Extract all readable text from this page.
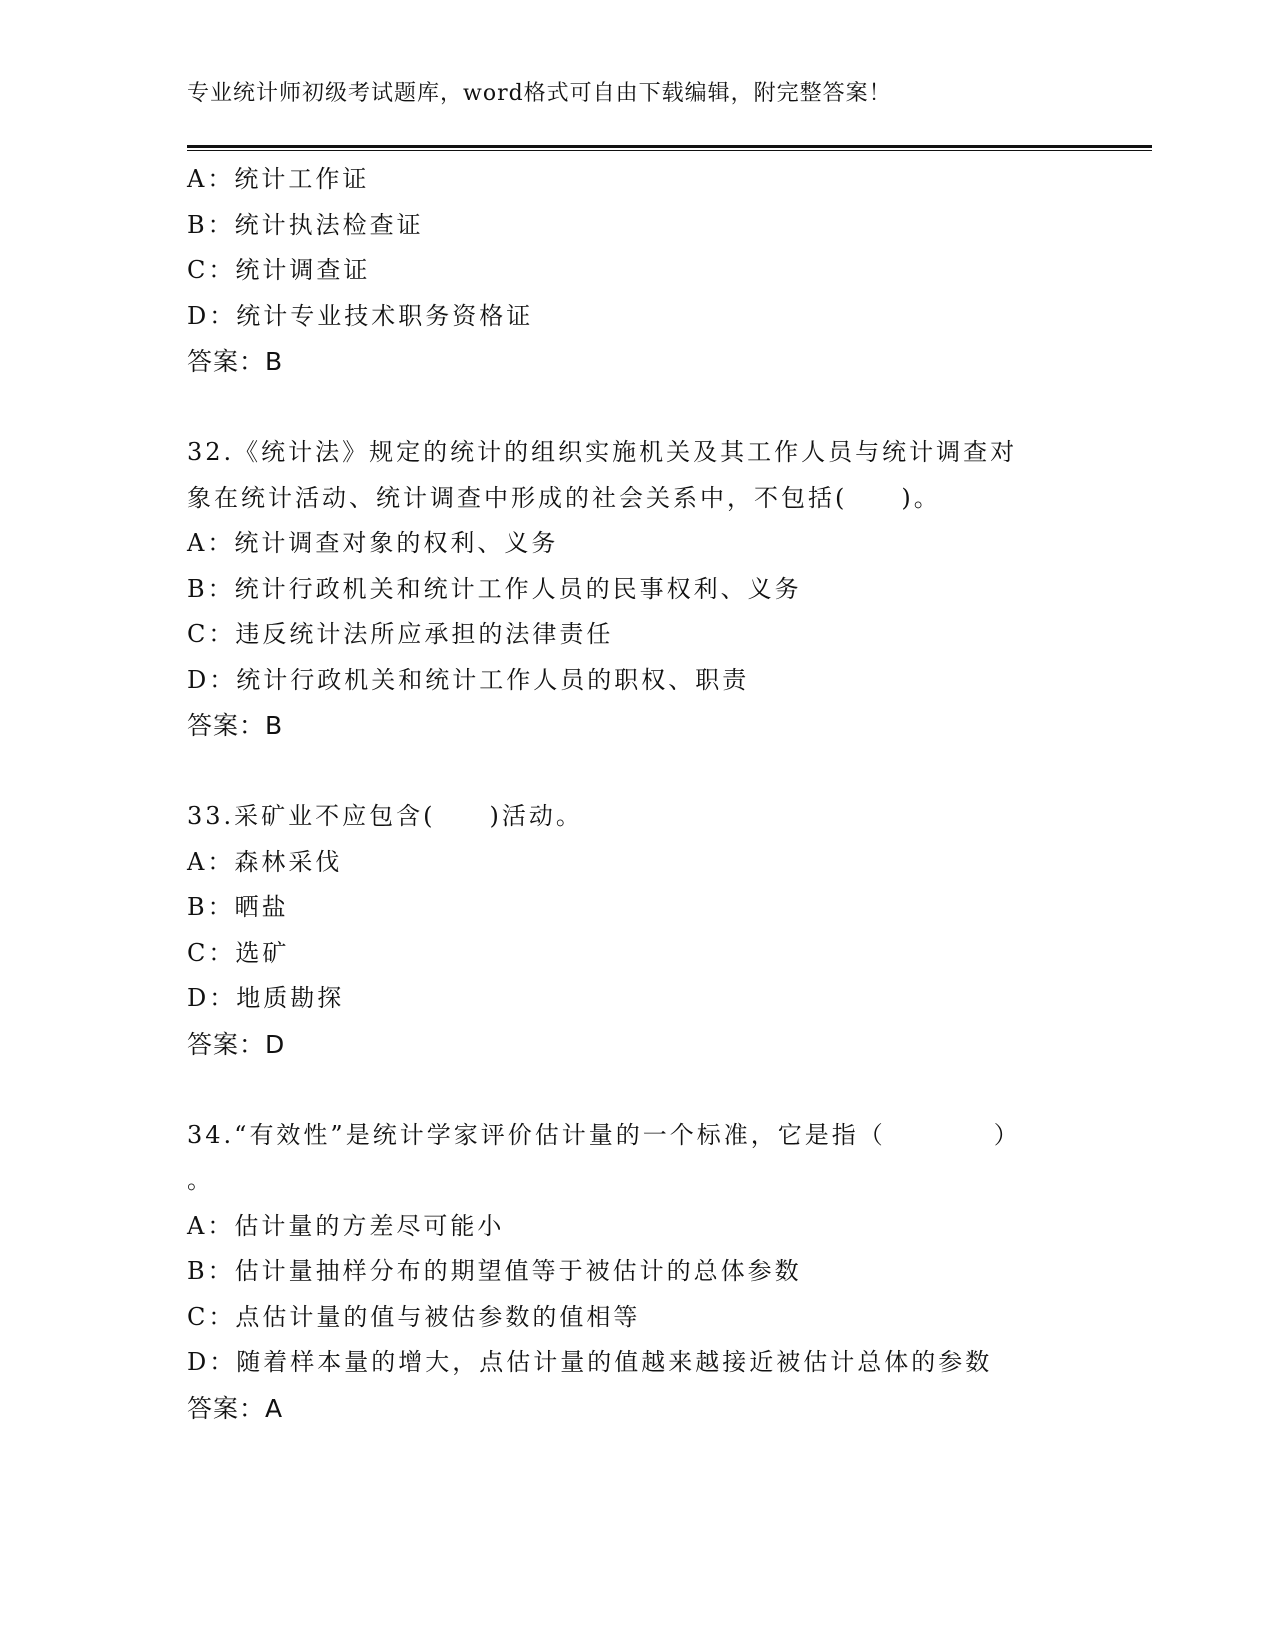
专业统计师初级考试题库，word格式可自由下载编辑，附完整答案！
A：统计工作证
B：统计执法检查证
C：统计调查证
D：统计专业技术职务资格证
答案：B
32.《统计法》规定的统计的组织实施机关及其工作人员与统计调查对
象在统计活动、统计调查中形成的社会关系中，不包括(　　)。
A：统计调查对象的权利、义务
B：统计行政机关和统计工作人员的民事权利、义务
C：违反统计法所应承担的法律责任
D：统计行政机关和统计工作人员的职权、职责
答案：B
33.采矿业不应包含(　　)活动。
A：森林采伐
B：晒盐
C：选矿
D：地质勘探
答案：D
34.“有效性”是统计学家评价估计量的一个标准，它是指（　　　　）
。
A：估计量的方差尽可能小
B：估计量抽样分布的期望值等于被估计的总体参数
C：点估计量的值与被估参数的值相等
D：随着样本量的增大，点估计量的值越来越接近被估计总体的参数
答案：A
